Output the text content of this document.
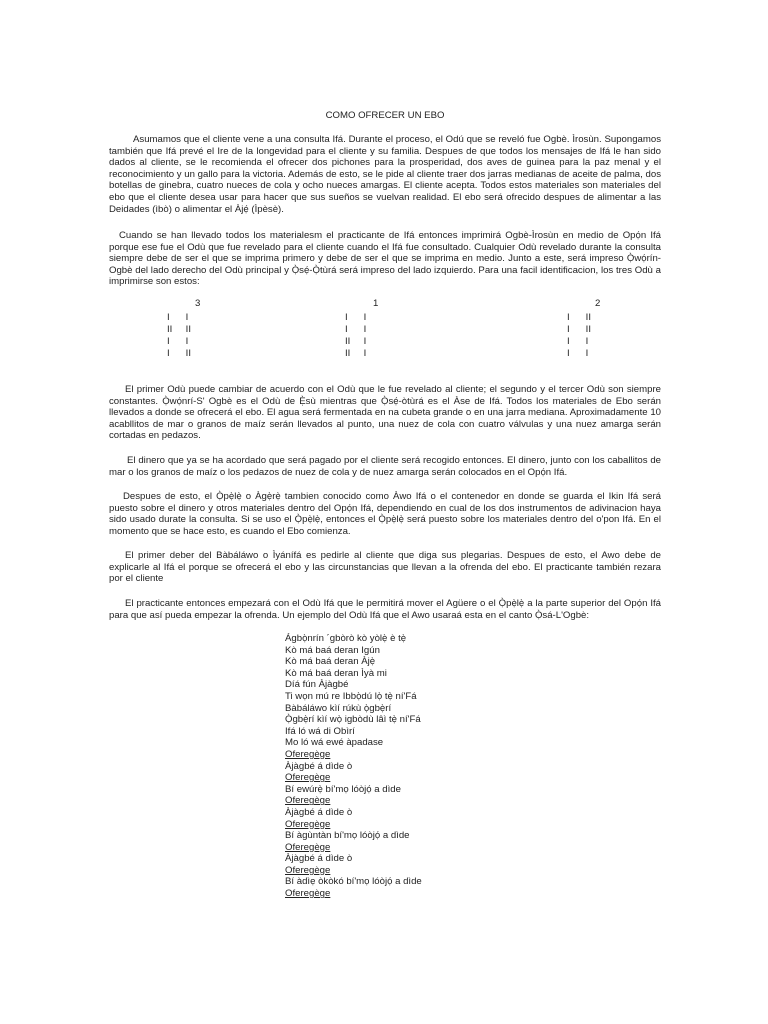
COMO OFRECER UN EBO

Asumamos que el cliente vene a una consulta Ifá. Durante el proceso, el Odú que se reveló fue Ogbè. Ìrosùn. Supongamos también que Ifá prevé el Ire de la longevidad para el cliente y su familia. Despues de que todos los mensajes de Ifá le han sido dados al cliente, se le recomienda el ofrecer dos pichones para la prosperidad, dos aves de guinea para la paz menal y el reconocimiento y un gallo para la victoria. Además de esto, se le pide al cliente traer dos jarras medianas de aceite de palma, dos botellas de ginebra, cuatro nueces de cola y ocho nueces amargas. El cliente acepta. Todos estos materiales son materiales del ebo que el cliente desea usar para hacer que sus sueños se vuelvan realidad. El ebo será ofrecido despues de alimentar a las Deidades (ìbò) o alimentar el Àjẹ́ (Ìpèsè).

Cuando se han llevado todos los materialesm el practicante de Ifá entonces imprimirá Ogbè-Ìrosùn en medio de Opọ́n Ifá porque ese fue el Odù que fue revelado para el cliente cuando el Ifá fue consultado. Cualquier Odù revelado durante la consulta siempre debe de ser el que se imprima primero y debe de ser el que se imprima en medio. Junto a este, será impreso Ọ̀wọ́rín-Ogbè del lado derecho del Odù principal y Ọ̀sẹ́-Ọ̀tùrá será impreso del lado izquierdo. Para una facil identificacion, los tres Odù a imprimirse son estos:

3
I      I
II     II
I      I
I      II
1
I      I
I      I
II     I
II     I
2
I      II
I      II
I      I
I      I

El primer Odù puede cambiar de acuerdo con el Odù que le fue revelado al cliente; el segundo y el tercer Odù son siempre constantes. Ọ̀wọ́nrí-S' Ogbè es el Odù de Ẹ̀sù mientras que Ọ̀sẹ́-òtùrá es el Àse de Ifá. Todos los materiales de Ebo serán llevados a donde se ofrecerá el ebo. El agua será fermentada en na cubeta grande o en una jarra mediana. Aproximadamente 10 acabllitos de mar o granos de maíz serán llevados al punto, una nuez de cola con cuatro válvulas y una nuez amarga serán cortadas en pedazos.

El dinero que ya se ha acordado que será pagado por el cliente será recogido entonces. El dinero, junto con los caballitos de mar o los granos de maíz o los pedazos de nuez de cola y de nuez amarga serán colocados en el Opọ́n Ifá.

Despues de esto, el Ọ̀pẹ̀lẹ̀ o Àgẹ̀rẹ̀ tambien conocido como Àwo Ifá o el contenedor en donde se guarda el Ikin Ifá será puesto sobre el dinero y otros materiales dentro del Opọ́n Ifá, dependiendo en cual de los dos instrumentos de adivinacion haya sido usado durate la consulta. Si se uso el Ọ̀pẹ̀lẹ̀, entonces el Ọ̀pẹ̀lẹ̀ será puesto sobre los materiales dentro del o'pon Ifá. En el momento que se hace esto, es cuando el Ebo comienza.

El primer deber del Bàbáláwo o Ìyánífá es pedirle al cliente que diga sus plegarias. Despues de esto, el Awo debe de explicarle al Ifá el porque se ofrecerá el ebo y las circunstancias que llevan a la ofrenda del ebo. El practicante también rezara por el cliente

El practicante entonces empezará con el Odù Ifá que le permitirá mover el Agüere o el Ọ̀pẹ̀lẹ̀ a la parte superior del Opọ́n Ifá para que así pueda empezar la ofrenda. Un ejemplo del Odù Ifá que el Awo usaraá esta en el canto Ọ̀sá-L'Ogbè:

Ágbọ̀nrín ´gbòrò kò yòlẹ̀ è tẹ̀
Kò má baá deran Igún
Kò má baá deran Àjẹ̀
Kò má baá deran Ìyà mi
Díá fún Àjàgbé
Ti wọn mú re Ibbọ̀dú lọ̀ tẹ̀ ní'Fá
Bàbáláwo kìí rúkù ọ̀gbẹ̀rí
Ọ̀gbẹ̀rí kìí wọ̀ igbòdù lâì tẹ̀ ní'Fá
Ifá ló wá di Obìrí
Mo ló wá ewé àpadase
Oferegège
Àjàgbé á dìde ò
Oferegège
Bí ewúrẹ̀ bí'mọ lóòjọ́ a dìde
Oferegège
Àjàgbé á dìde ò
Oferegège
Bí àgùntàn bí'mọ lóòjọ́ a dìde
Oferegège
Àjàgbé á dìde ò
Oferegège
Bí àdìẹ òkòkó bí'mọ lóòjọ́ a dìde
Oferegège
